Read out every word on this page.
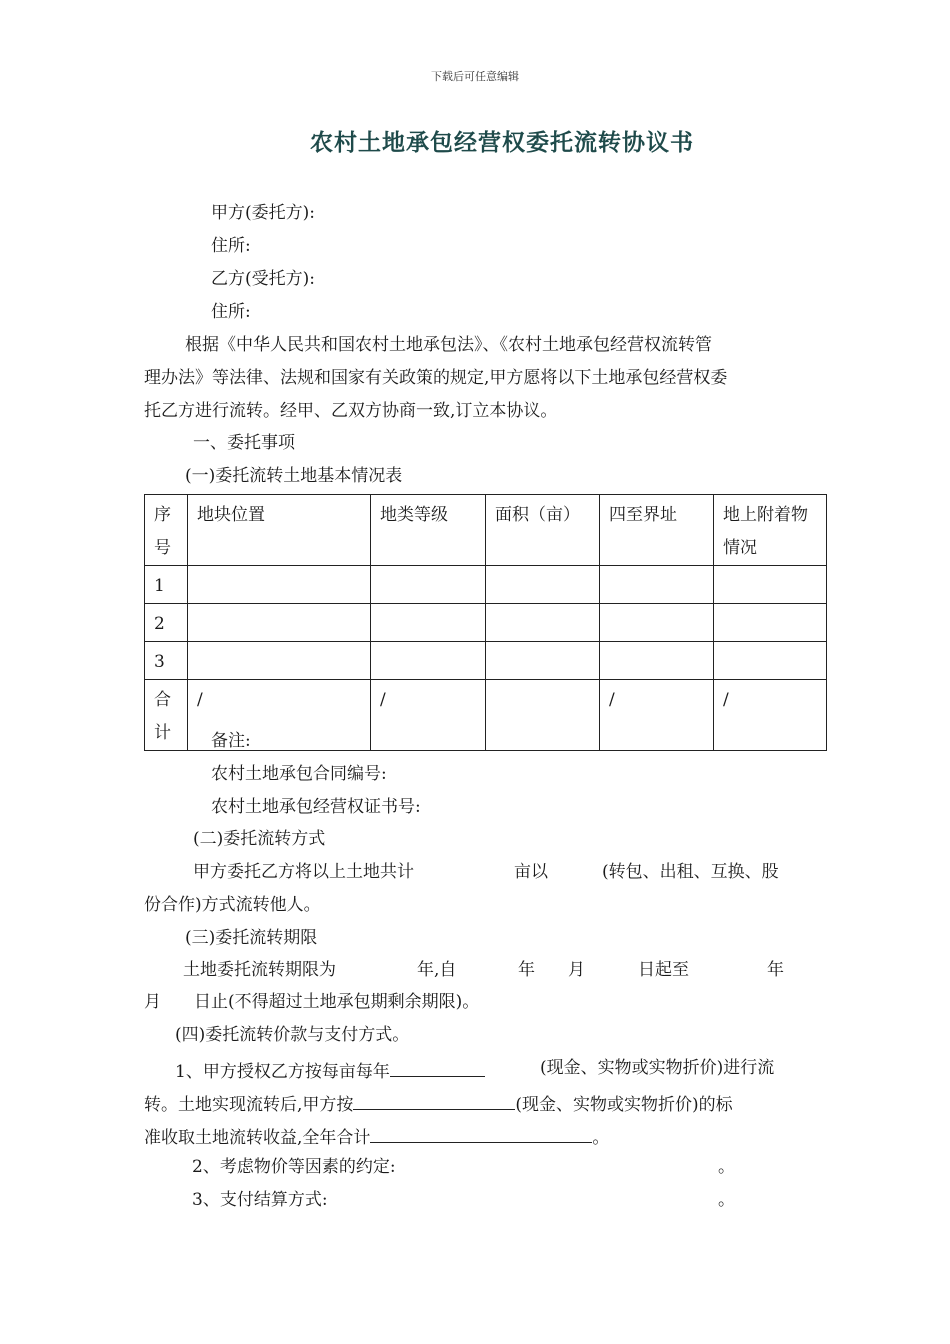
下载后可任意编辑
农村土地承包经营权委托流转协议书
甲方(委托方):
住所:
乙方(受托方):
住所:
根据《中华人民共和国农村土地承包法》、《农村土地承包经营权流转管
理办法》等法律、法规和国家有关政策的规定,甲方愿将以下土地承包经营权委
托乙方进行流转。经甲、乙双方协商一致,订立本协议。
一、委托事项
(一)委托流转土地基本情况表
序
号	地块位置	地类等级	面积（亩）	四至界址	地上附着物
情况
1					
2					
3					
合
计	/	/		/	/
备注:
农村土地承包合同编号:
农村土地承包经营权证书号:
(二)委托流转方式
甲方委托乙方将以上土地共计	亩以	(转包、出租、互换、股
份合作)方式流转他人。
(三)委托流转期限
土地委托流转期限为	年,自	年 月	日起至	年
月 日止(不得超过土地承包期剩余期限)。
(四)委托流转价款与支付方式。
1、甲方授权乙方按每亩每年	(现金、实物或实物折价)进行流
转。土地实现流转后,甲方按	(现金、实物或实物折价)的标
准收取土地流转收益,全年合计	。
2、考虑物价等因素的约定:	。
3、支付结算方式:	。
